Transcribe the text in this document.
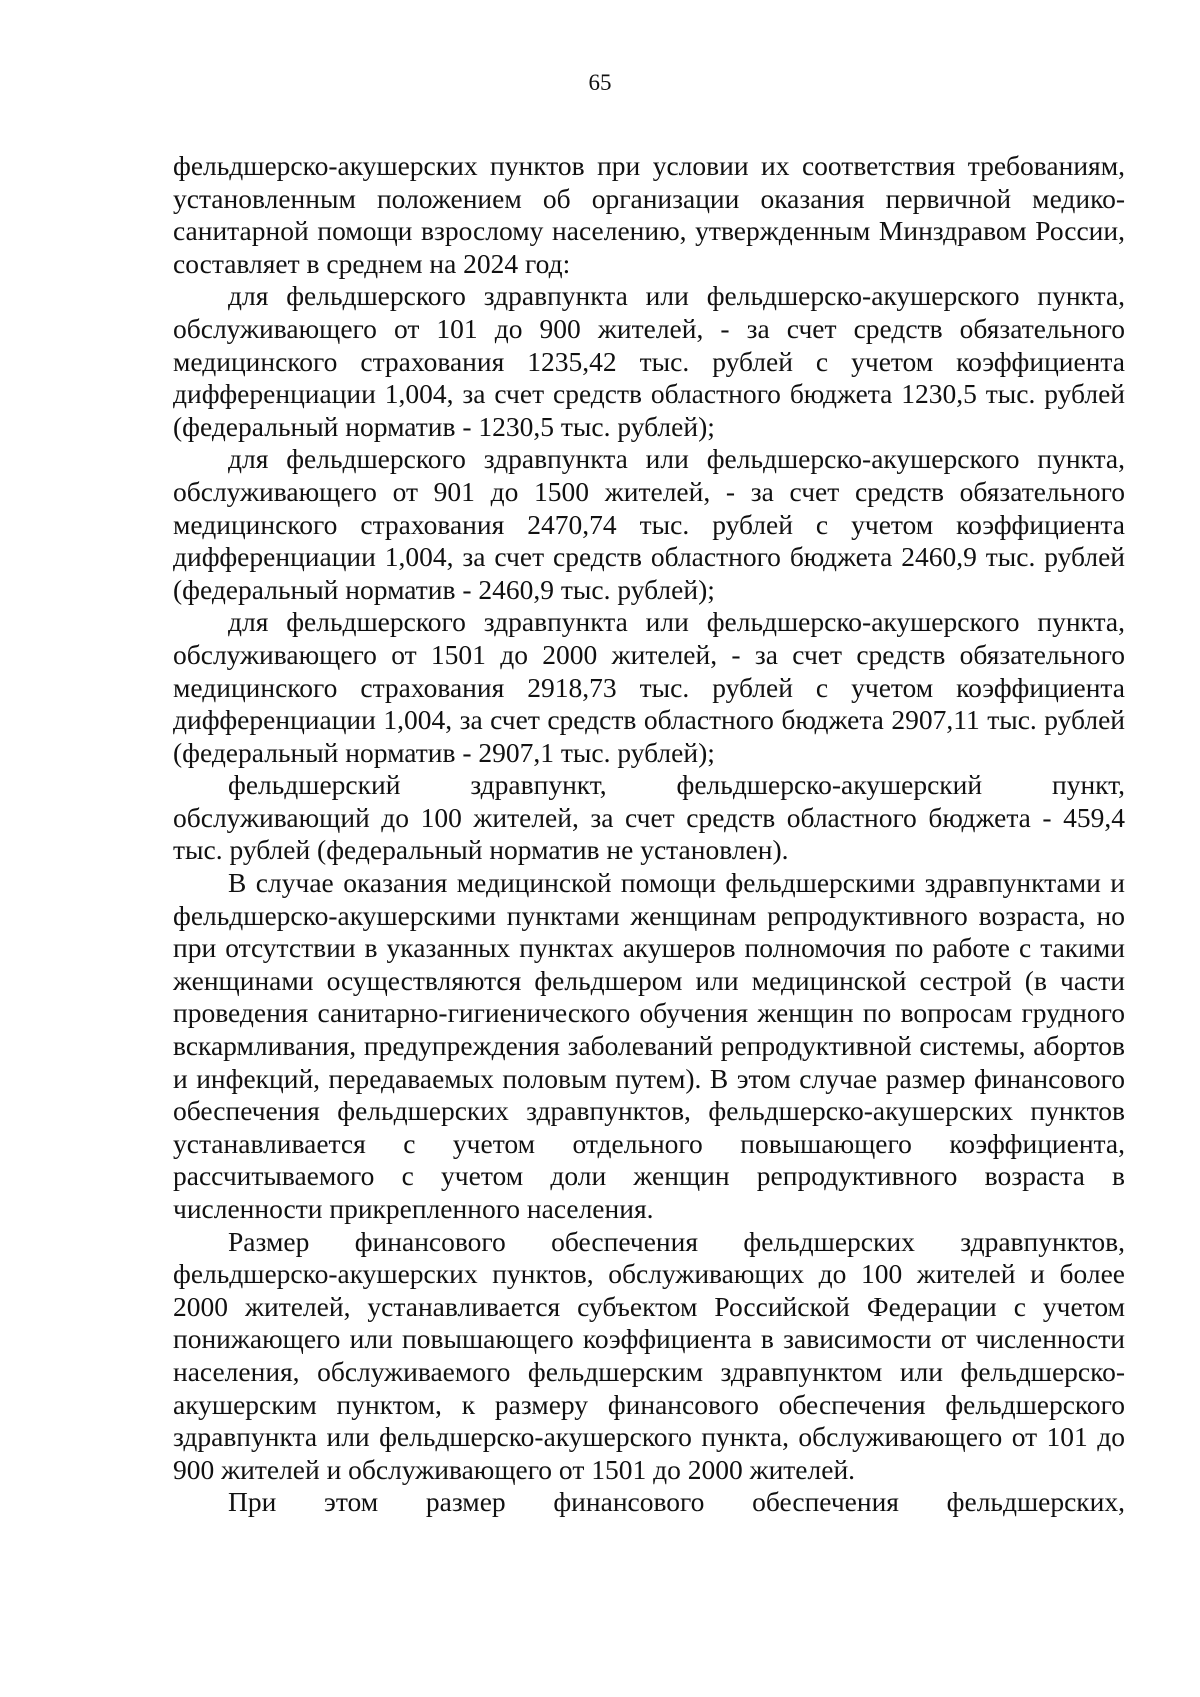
65

фельдшерско-акушерских пунктов при условии их соответствия требованиям, установленным положением об организации оказания первичной медико-санитарной помощи взрослому населению, утвержденным Минздравом России, составляет в среднем на 2024 год:

для фельдшерского здравпункта или фельдшерско-акушерского пункта, обслуживающего от 101 до 900 жителей, - за счет средств обязательного медицинского страхования 1235,42 тыс. рублей с учетом коэффициента дифференциации 1,004, за счет средств областного бюджета 1230,5 тыс. рублей (федеральный норматив - 1230,5 тыс. рублей);

для фельдшерского здравпункта или фельдшерско-акушерского пункта, обслуживающего от 901 до 1500 жителей, - за счет средств обязательного медицинского страхования 2470,74 тыс. рублей с учетом коэффициента дифференциации 1,004, за счет средств областного бюджета 2460,9 тыс. рублей (федеральный норматив - 2460,9 тыс. рублей);

для фельдшерского здравпункта или фельдшерско-акушерского пункта, обслуживающего от 1501 до 2000 жителей, - за счет средств обязательного медицинского страхования 2918,73 тыс. рублей с учетом коэффициента дифференциации 1,004, за счет средств областного бюджета 2907,11 тыс. рублей (федеральный норматив - 2907,1 тыс. рублей);

фельдшерский здравпункт, фельдшерско-акушерский пункт, обслуживающий до 100 жителей, за счет средств областного бюджета - 459,4 тыс. рублей (федеральный норматив не установлен).

В случае оказания медицинской помощи фельдшерскими здравпунктами и фельдшерско-акушерскими пунктами женщинам репродуктивного возраста, но при отсутствии в указанных пунктах акушеров полномочия по работе с такими женщинами осуществляются фельдшером или медицинской сестрой (в части проведения санитарно-гигиенического обучения женщин по вопросам грудного вскармливания, предупреждения заболеваний репродуктивной системы, абортов и инфекций, передаваемых половым путем). В этом случае размер финансового обеспечения фельдшерских здравпунктов, фельдшерско-акушерских пунктов устанавливается с учетом отдельного повышающего коэффициента, рассчитываемого с учетом доли женщин репродуктивного возраста в численности прикрепленного населения.

Размер финансового обеспечения фельдшерских здравпунктов, фельдшерско-акушерских пунктов, обслуживающих до 100 жителей и более 2000 жителей, устанавливается субъектом Российской Федерации с учетом понижающего или повышающего коэффициента в зависимости от численности населения, обслуживаемого фельдшерским здравпунктом или фельдшерско-акушерским пунктом, к размеру финансового обеспечения фельдшерского здравпункта или фельдшерско-акушерского пункта, обслуживающего от 101 до 900 жителей и обслуживающего от 1501 до 2000 жителей.

При этом размер финансового обеспечения фельдшерских,
